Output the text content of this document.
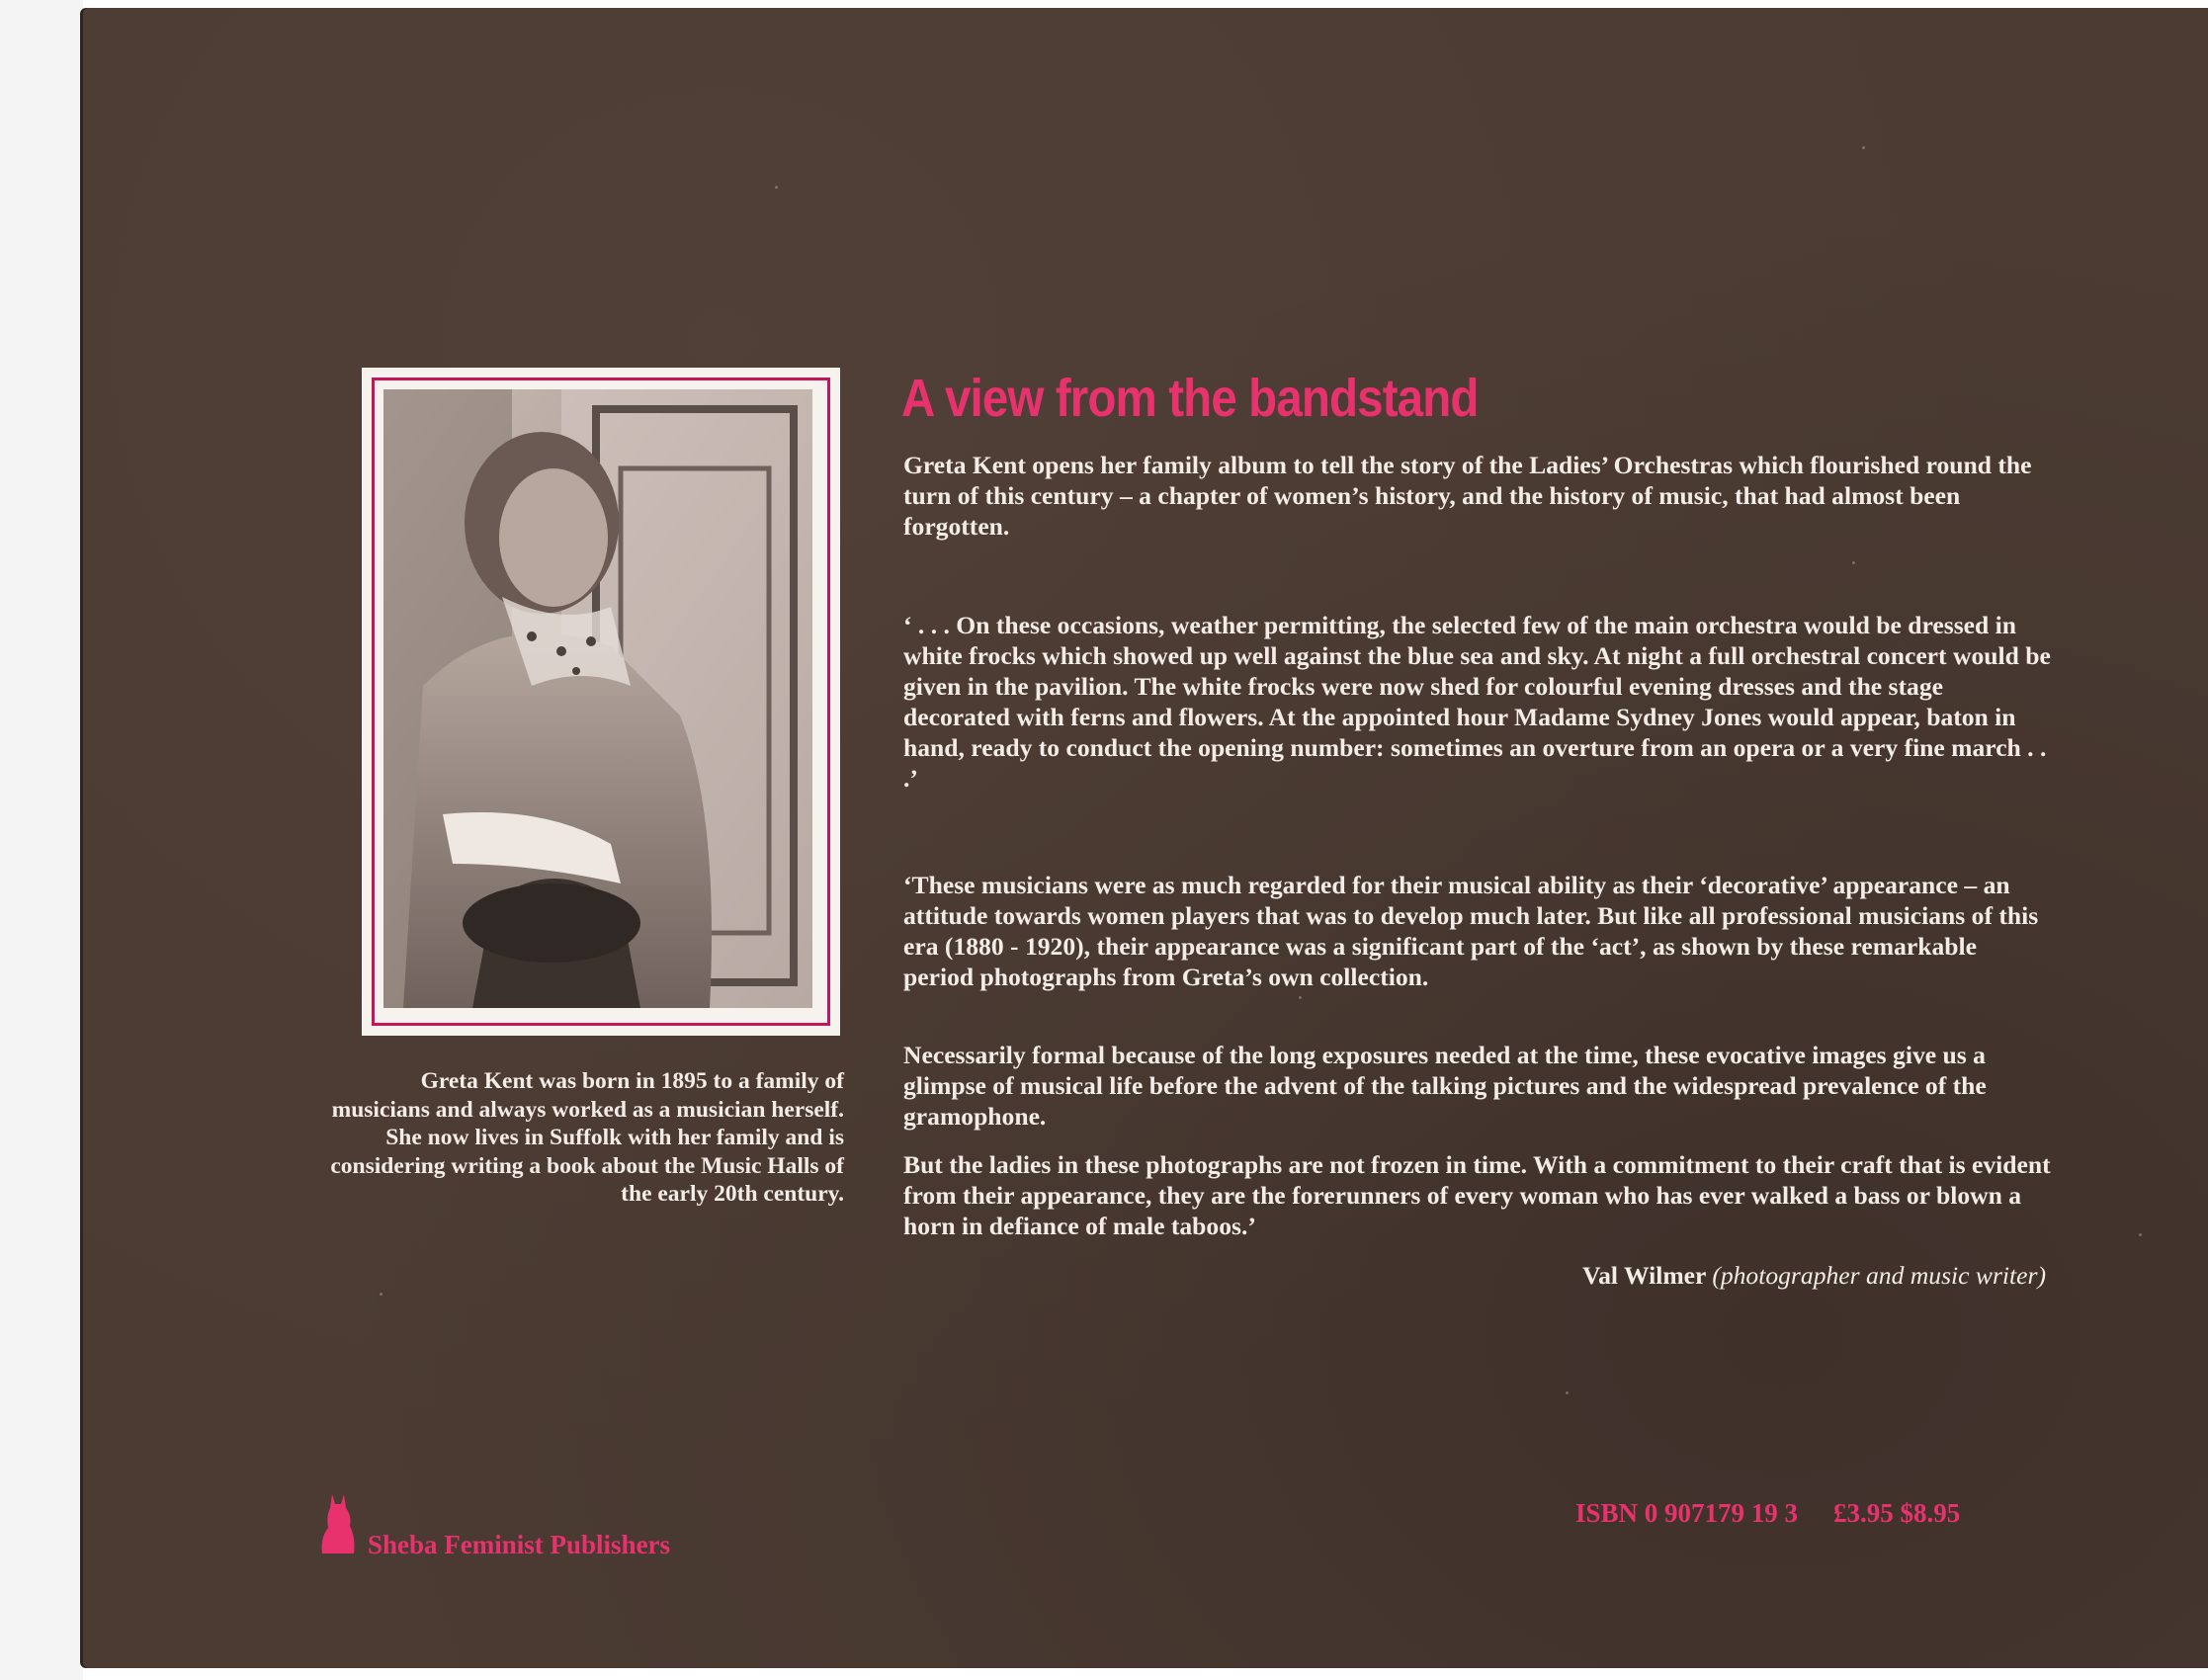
Greta Kent was born in 1895 to a family of musicians and always worked as a musician herself. She now lives in Suffolk with her family and is considering writing a book about the Music Halls of the early 20th century.
A view from the bandstand

Greta Kent opens her family album to tell the story of the Ladies’ Orchestras which flourished round the turn of this century – a chapter of women’s history, and the history of music, that had almost been forgotten.

‘ . . . On these occasions, weather permitting, the selected few of the main orchestra would be dressed in white frocks which showed up well against the blue sea and sky. At night a full orchestral concert would be given in the pavilion. The white frocks were now shed for colourful evening dresses and the stage decorated with ferns and flowers. At the appointed hour Madame Sydney Jones would appear, baton in hand, ready to conduct the opening number: sometimes an overture from an opera or a very fine march . . .’

‘These musicians were as much regarded for their musical ability as their ‘decorative’ appearance – an attitude towards women players that was to develop much later. But like all professional musicians of this era (1880 - 1920), their appearance was a significant part of the ‘act’, as shown by these remarkable period photographs from Greta’s own collection.

Necessarily formal because of the long exposures needed at the time, these evocative images give us a glimpse of musical life before the advent of the talking pictures and the widespread prevalence of the gramophone.

But the ladies in these photographs are not frozen in time. With a commitment to their craft that is evident from their appearance, they are the forerunners of every woman who has ever walked a bass or blown a horn in defiance of male taboos.’

Val Wilmer (photographer and music writer)
Sheba Feminist Publishers
ISBN 0 907179 19 3 £3.95 $8.95
